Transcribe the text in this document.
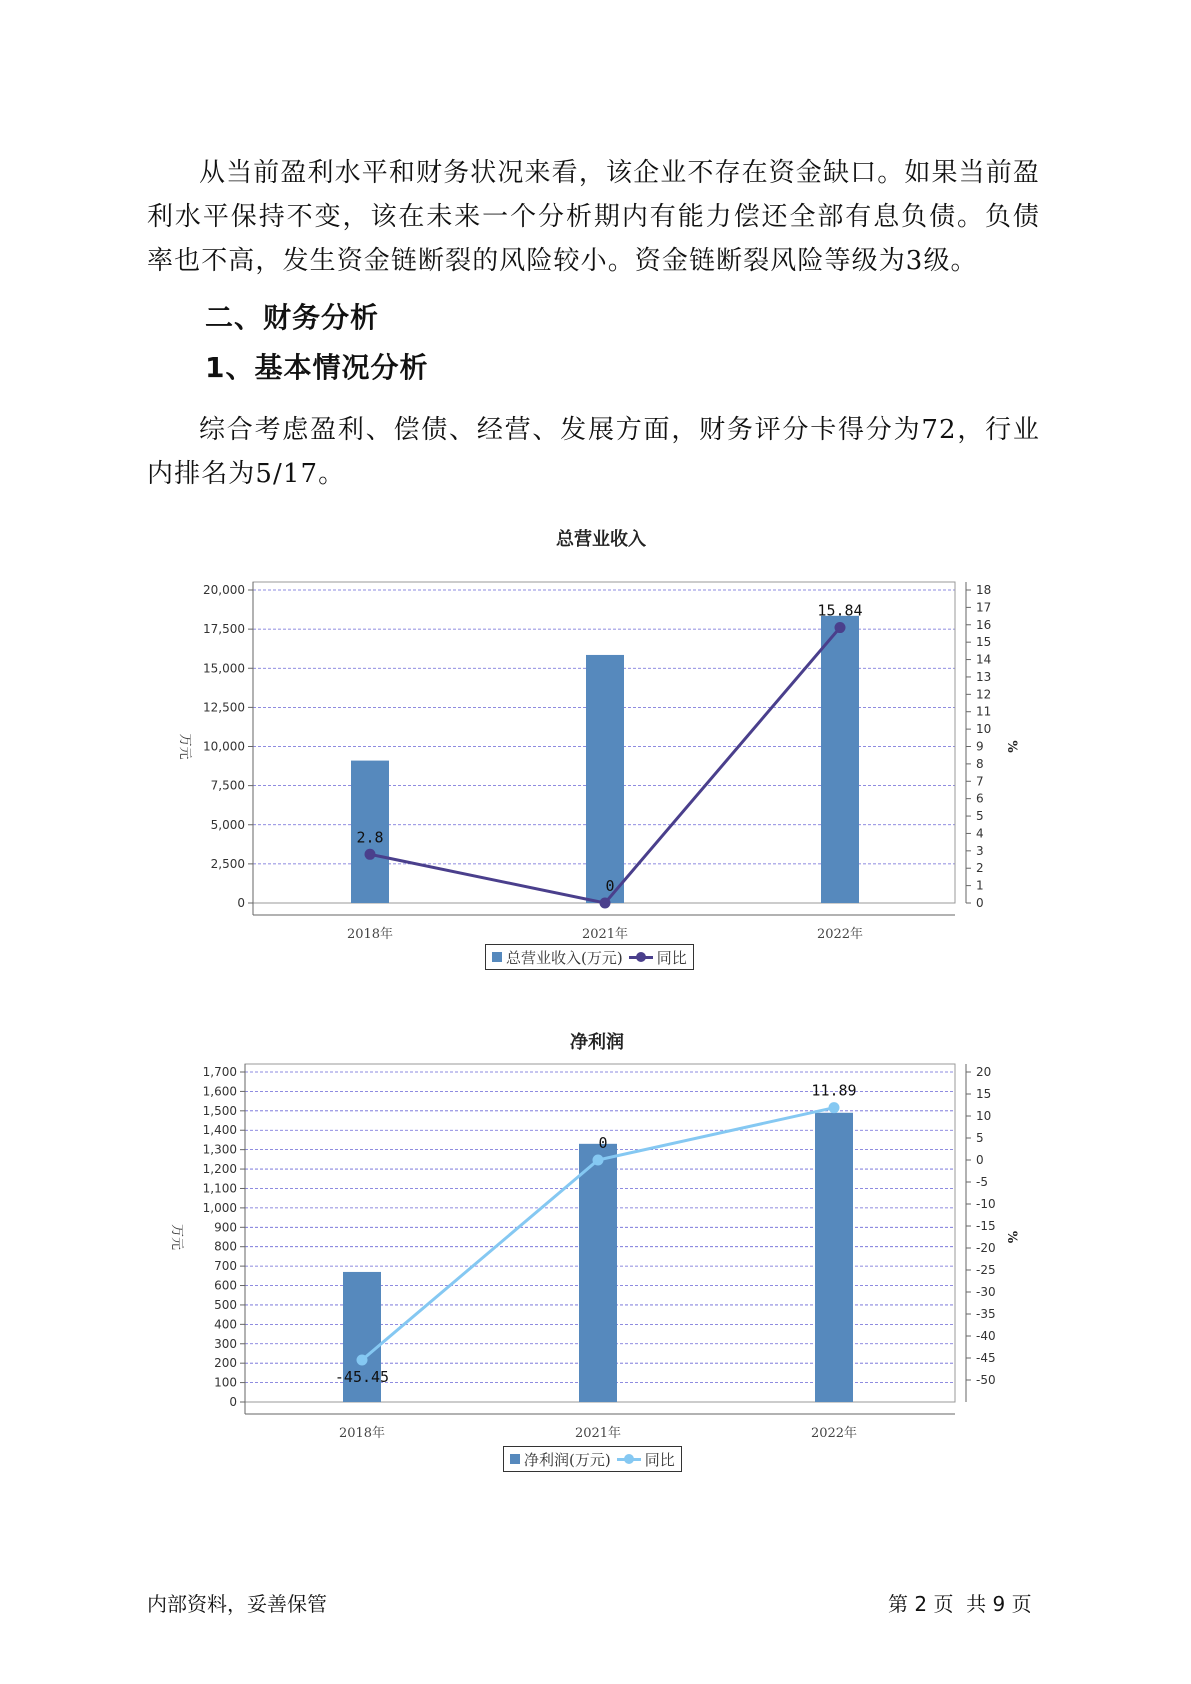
从当前盈利水平和财务状况来看，该企业不存在资金缺口。如果当前盈利水平保持不变，该在未来一个分析期内有能力偿还全部有息负债。负债率也不高，发生资金链断裂的风险较小。资金链断裂风险等级为3级。

二、财务分析
1、基本情况分析

综合考虑盈利、偿债、经营、发展方面，财务评分卡得分为72，行业内排名为5/17。

总营业收入
0
2,500
5,000
7,500
10,000
12,500
15,000
17,500
20,000
0
1
2
3
4
5
6
7
8
9
10
11
12
13
14
15
16
17
18
万元	%
2018年	2021年	2022年
2.8
0
15.84
总营业收入(万元) 同比
净利润
0
100
200
300
400
500
600
700
800
900
1,000
1,100
1,200
1,300
1,400
1,500
1,600
1,700
-50
-45
-40
-35
-30
-25
-20
-15
-10
-5
0
5
10
15
20
万元	%
2018年	2021年	2022年
-45.45
0
11.89
净利润(万元) 同比
内部资料，妥善保管	第 2 页  共 9 页
